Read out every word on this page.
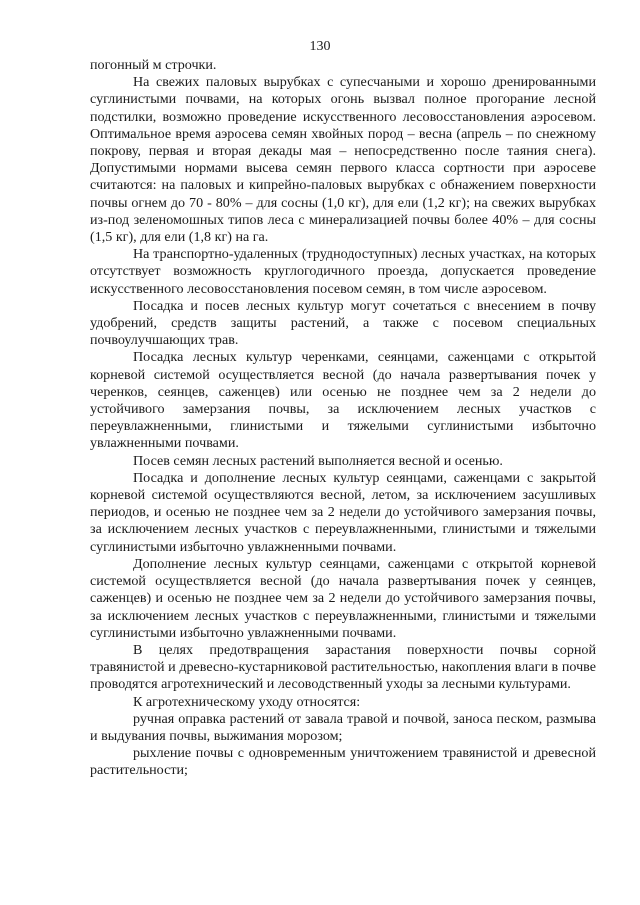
130

погонный м строчки.

На свежих паловых вырубках с супесчаными и хорошо дренированными суглинистыми почвами, на которых огонь вызвал полное прогорание лесной подстилки, возможно проведение искусственного лесовосстановления аэросевом. Оптимальное время аэросева семян хвойных пород – весна (апрель – по снежному покрову, первая и вторая декады мая – непосредственно после таяния снега). Допустимыми нормами высева семян первого класса сортности при аэросеве считаются: на паловых и кипрейно-паловых вырубках с обнажением поверхности почвы огнем до 70 - 80% – для сосны (1,0 кг), для ели (1,2 кг); на свежих вырубках из-под зеленомошных типов леса с минерализацией почвы более 40% – для сосны (1,5 кг), для ели (1,8 кг) на га.

На транспортно-удаленных (труднодоступных) лесных участках, на которых отсутствует возможность круглогодичного проезда, допускается проведение искусственного лесовосстановления посевом семян, в том числе аэросевом.

Посадка и посев лесных культур могут сочетаться с внесением в почву удобрений, средств защиты растений, а также с посевом специальных почвоулучшающих трав.

Посадка лесных культур черенками, сеянцами, саженцами с открытой корневой системой осуществляется весной (до начала развертывания почек у черенков, сеянцев, саженцев) или осенью не позднее чем за 2 недели до устойчивого замерзания почвы, за исключением лесных участков с переувлажненными, глинистыми и тяжелыми суглинистыми избыточно увлажненными почвами.

Посев семян лесных растений выполняется весной и осенью.

Посадка и дополнение лесных культур сеянцами, саженцами с закрытой корневой системой осуществляются весной, летом, за исключением засушливых периодов, и осенью не позднее чем за 2 недели до устойчивого замерзания почвы, за исключением лесных участков с переувлажненными, глинистыми и тяжелыми суглинистыми избыточно увлажненными почвами.

Дополнение лесных культур сеянцами, саженцами с открытой корневой системой осуществляется весной (до начала развертывания почек у сеянцев, саженцев) и осенью не позднее чем за 2 недели до устойчивого замерзания почвы, за исключением лесных участков с переувлажненными, глинистыми и тяжелыми суглинистыми избыточно увлажненными почвами.

В целях предотвращения зарастания поверхности почвы сорной травянистой и древесно-кустарниковой растительностью, накопления влаги в почве проводятся агротехнический и лесоводственный уходы за лесными культурами.

К агротехническому уходу относятся:

ручная оправка растений от завала травой и почвой, заноса песком, размыва и выдувания почвы, выжимания морозом;

рыхление почвы с одновременным уничтожением травянистой и древесной растительности;
